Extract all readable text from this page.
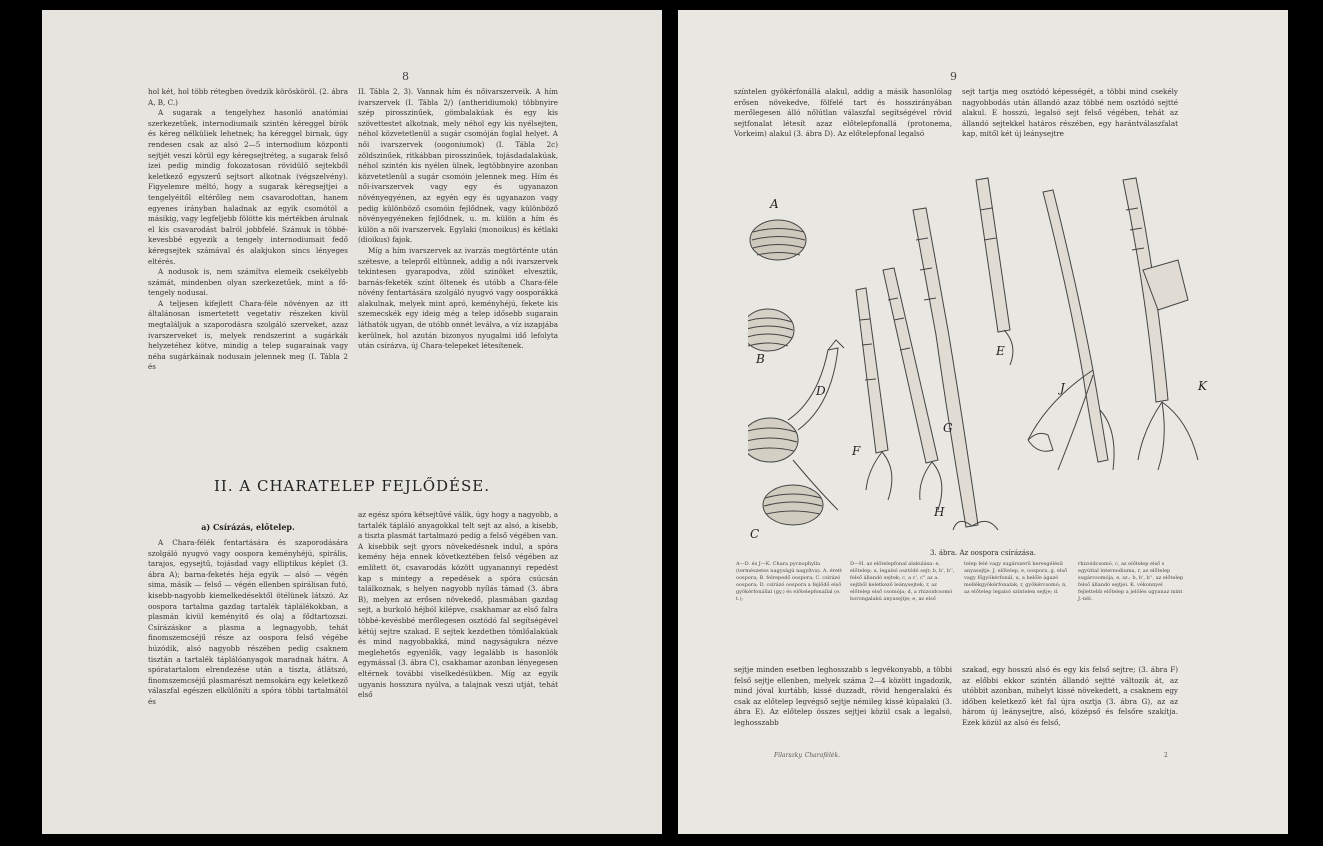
8

hol két, hol több rétegben övedzik körösköröl. (2. ábra A, B, C.)

A sugarak a tengelyhez hasonló anatómiai szerkezetűek, internodiumaik szintén kéreggel bírók és kéreg nélküliek lehetnek; ha kéreggel birnak, úgy rendesen csak az alsó 2—5 internodium központi sejtjét veszi körül egy kéregsejtréteg, a sugarak felső izei pedig mindig fokozatosan rövidülő sejtekből keletkező egyszerű sejtsort alkotnak (végszelvény). Figyelemre méltó, hogy a sugarak kéregsejtjei a tengelyéitől eltérőleg nem csavarodottan, hanem egyenes irányban haladnak az egyik csomótól a másikig, vagy legfeljebb fölötte kis mértékben árulnak el kis csavarodást balról jobbfelé. Számuk is többé-kevesbbé egyezik a tengely internodiumait fedő kéregsejtek számával és alakjukon sincs lényeges eltérés.

A nodusok is, nem számítva elemeik csekélyebb számát, mindenben olyan szerkezetűek, mint a fő-tengely nodusai.

A teljesen kifejlett Chara-féle növényen az itt általánosan ismertetett vegetativ részeken kivül megtaláljuk a szaporodásra szolgáló szerveket, azaz ivarszerveket is, melyek rendszerint a sugárkák helyzetéhez kötve, mindig a telep sugarainak vagy néha sugárkáinak nodusain jelennek meg (I. Tábla 2 és

II. Tábla 2, 3). Vannak hím és nőivarszerveik. A hím ivarszervek (I. Tábla 2/) (antheridiumok) többnyire szép pirosszinűek, gömbalakúak és egy kis szövettestet alkotnak, mely néhol egy kis nyélsejten, néhol közvetetlenül a sugár csomóján foglal helyet. A női ivarszervek (oogoniumok) (I. Tábla 2c) zöldszinűek, ritkábban pirosszinűek, tojásdadalakúak, néhol szintén kis nyélen ülnek, legtöbbnyire azonban közvetetlenül a sugár csomóin jelennek meg. Hím és női-ivarszervek vagy egy és ugyanazon növényegyénen, az egyén egy és ugyanazon vagy pedig különböző csomóin fejlődnek, vagy különböző növényegyéneken fejlődnek, u. m. külön a hím és külön a női ivarszervek. Egylaki (monoikus) és kétlaki (dioikus) fajok.

Míg a hím ivarszervek az ivarzás megtörténte után szétesve, a telepről eltünnek, addig a női ivarszervek tekintesen gyarapodva, zöld szinöket elvesztik, barnás-feketék színt öltenek és utóbb a Chara-féle növény fentartására szolgáló nyugvó vagy oosporákká alakulnak, melyek mint apró, keményhéjú, fekete kis szemecskék egy ideig még a telep idősebb sugarain láthatók ugyan, de utóbb onnét leválva, a víz iszapjába kerülnek, hol azután bizonyos nyugalmi idő lefolyta után csírázva, új Chara-telepeket létesítenek.

II. A CHARATELEP FEJLŐDÉSE.
a) Csírázás, előtelep.

A Chara-félék fentartására és szaporodására szolgáló nyugvó vagy oospora keményhéjú, spirális, tarajos, egysejtű, tojásdad vagy elliptikus képlet (3. ábra A); barna-feketés héja egyik — alsó — végén sima, másik — felső — végén ellenben spirálisan futó, kisebb-nagyobb kiemelkedésektől ötélünek látszó. Az oospora tartalma gazdag tartalék táplálékokban, a plasmán kivül keményitő és olaj a fődtartozszi. Csírázáskor a plasma a legnagyobb, tehát finomszemcséjű része az oospora felső végébe húzódik, alsó nagyobb részében pedig csaknem tisztán a tartalék táplálóanyagok maradnak hátra. A spóratartalom elrendezése után a tiszta, átlátszó, finomszemcséjű plasmarészt nemsokára egy keletkező válaszfal egészen elkülöníti a spóra többi tartalmától és

az egész spóra kétsejtűvé válik, úgy hogy a nagyobb, a tartalék tápláló anyagokkal telt sejt az alsó, a kisebb, a tiszta plasmát tartalmazó pedig a felső végében van. A kisebbik sejt gyors növekedésnek indul, a spóra kemény héja ennek következtében felső végében az említett öt, csavarodás között ugyanannyi repedést kap s mintegy a repedések a spóra csúcsán találkoznak, s helyen nagyobb nyílás támad (3. ábra B), melyen az erősen növekedő, plasmában gazdag sejt, a burkoló héjból kilépve, csakhamar az első falra többé-kevésbbé merőlegesen osztódó fal segítségével kétúj sejtre szakad. E sejtek kezdetben tömlőalakúak és mind nagyobbakká, mind nagyságukra nézve meglehetős egyenlők, vagy legalább is hasonlók egymással (3. ábra C), csakhamar azonban lényegesen eltérnek további viselkedésükben. Míg az egyik ugyanis hosszura nyúlva, a talajnak veszi utját, tehát első

9

színtelen gyökérfonállá alakul, addig a másik hasonlólag erősen növekedve, fölfelé tart és hosszirányában merőlegesen álló nőlútlan válaszfal segítségével rövid sejtfonalat létesít azaz előtelepfonallá (protonema, Vorkeim) alakul (3. ábra D). Az előtelepfonal legalsó

sejt tartja meg osztódó képességét, a többi mind csekély nagyobbodás után állandó azaz többé nem osztódó sejtté alakul. E hosszú, legalsó sejt felső végében, tehát az állandó sejtekkel határos részében, egy harántválaszfalat kap, mitől két új leánysejtre

A
B
C
D
E
F
G
H
J	K
3. ábra. Az oospora csírázása.
A—D. és J—K. Chara pycnophylla (természetes nagyságú nagyítva). A. érett oospora; B. felrepedő oospora; C. csírázó oospora; D. csírázó oospora a fejlődő első gyökérfonállal (gy.) és előtelepfonallal (e. t.);
D—H. az előtelepfonal alakulása: e, előtelep; a, legalsó osztódó sejt; b, b', b'', felső állandó sejtek; c, a c', c'' az a. sejtből keletkező leánysejtek; r, az előtelep első csomója; d, a rhizoidcsomó borongalakú anyasejtje; e, az első
telep felé vagy sugárszerű keresgélésű anyasejtje. J. előtelep, e, oospora, g, első vagy főgyökérfonál, u, a belőle ágazó mellékgyökérfonalak; r, gyökércsomó; n, az előtelep legalsó színtelen sejtje; d.
rhizoidcsomó, c, az előtelep első s egyúttal internodiuma, r, az előtelep sugárcsomója, e, sz.; b, b', b'', az előtelep felső állandó sejtjei. K. vékonnyel fejlettebb előtelep a jelölés ugyanaz mint J.-nél.

sejtje minden esetben leghosszabb s legvékonyabb, a többi felső sejtje ellenben, melyek száma 2—4 között ingadozik, mind jóval kurtább, kissé duzzadt, rövid hengeralakú és csak az előtelep legvégső sejtje némileg kissé kúpalakú (3. ábra E). Az előtelep összes sejtjei közül csak a legalsó, leghosszabb

szakad, egy hosszú alsó és egy kis felső sejtre; (3. ábra F) az előbbi ekkor szintén állandó sejtté változik át, az utóbbit azonban, mihelyt kissé növekedett, a csaknem egy időben keletkező két fal újra osztja (3. ábra G), az az három új leánysejtre, alsó, középső és felsőre szakítja. Ezek közül az alsó és felső,

Filarszky. Charafélék.	2
